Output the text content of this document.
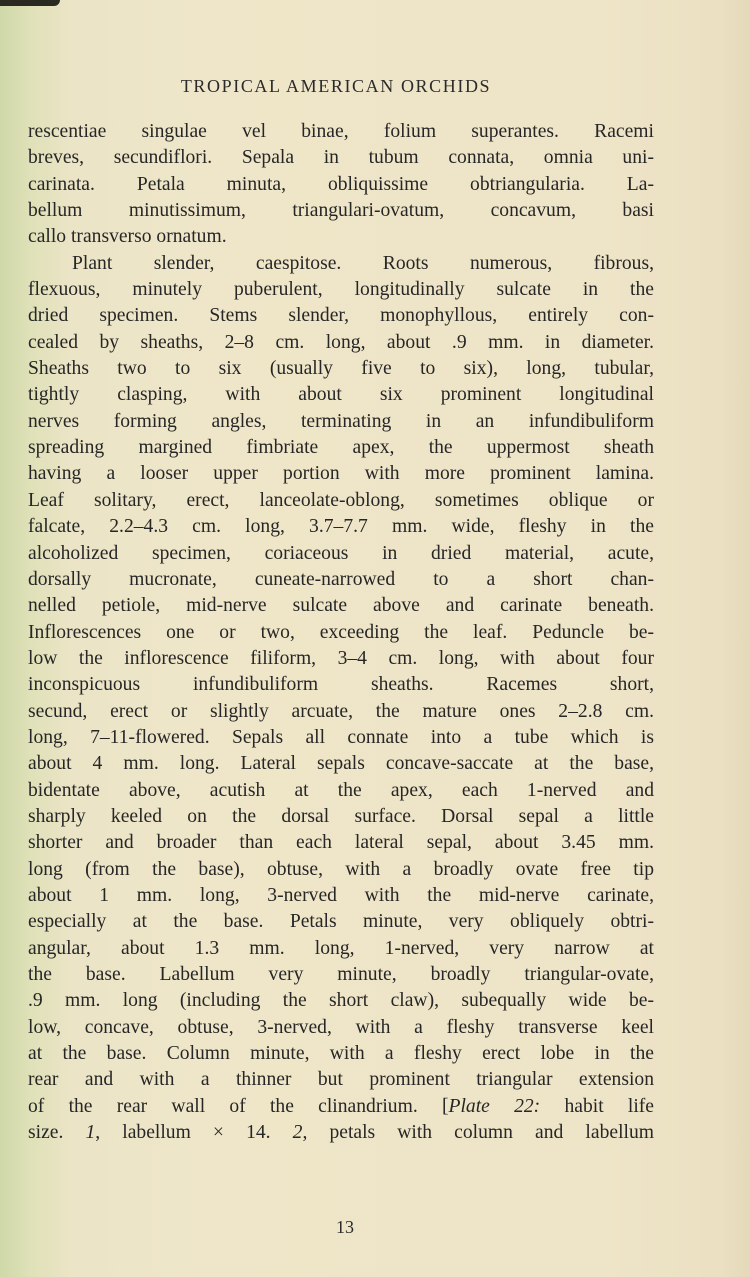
TROPICAL AMERICAN ORCHIDS
rescentiae singulae vel binae, folium superantes. Racemi
breves, secundiflori. Sepala in tubum connata, omnia uni-
carinata. Petala minuta, obliquissime obtriangularia. La-
bellum minutissimum, triangulari-ovatum, concavum, basi
callo transverso ornatum.
Plant slender, caespitose. Roots numerous, fibrous,
flexuous, minutely puberulent, longitudinally sulcate in the
dried specimen. Stems slender, monophyllous, entirely con-
cealed by sheaths, 2–8 cm. long, about .9 mm. in diameter.
Sheaths two to six (usually five to six), long, tubular,
tightly clasping, with about six prominent longitudinal
nerves forming angles, terminating in an infundibuliform
spreading margined fimbriate apex, the uppermost sheath
having a looser upper portion with more prominent lamina.
Leaf solitary, erect, lanceolate-oblong, sometimes oblique or
falcate, 2.2–4.3 cm. long, 3.7–7.7 mm. wide, fleshy in the
alcoholized specimen, coriaceous in dried material, acute,
dorsally mucronate, cuneate-narrowed to a short chan-
nelled petiole, mid-nerve sulcate above and carinate beneath.
Inflorescences one or two, exceeding the leaf. Peduncle be-
low the inflorescence filiform, 3–4 cm. long, with about four
inconspicuous infundibuliform sheaths. Racemes short,
secund, erect or slightly arcuate, the mature ones 2–2.8 cm.
long, 7–11-flowered. Sepals all connate into a tube which is
about 4 mm. long. Lateral sepals concave-saccate at the base,
bidentate above, acutish at the apex, each 1-nerved and
sharply keeled on the dorsal surface. Dorsal sepal a little
shorter and broader than each lateral sepal, about 3.45 mm.
long (from the base), obtuse, with a broadly ovate free tip
about 1 mm. long, 3-nerved with the mid-nerve carinate,
especially at the base. Petals minute, very obliquely obtri-
angular, about 1.3 mm. long, 1-nerved, very narrow at
the base. Labellum very minute, broadly triangular-ovate,
.9 mm. long (including the short claw), subequally wide be-
low, concave, obtuse, 3-nerved, with a fleshy transverse keel
at the base. Column minute, with a fleshy erect lobe in the
rear and with a thinner but prominent triangular extension
of the rear wall of the clinandrium. [Plate 22: habit life
size. 1, labellum × 14. 2, petals with column and labellum
13
